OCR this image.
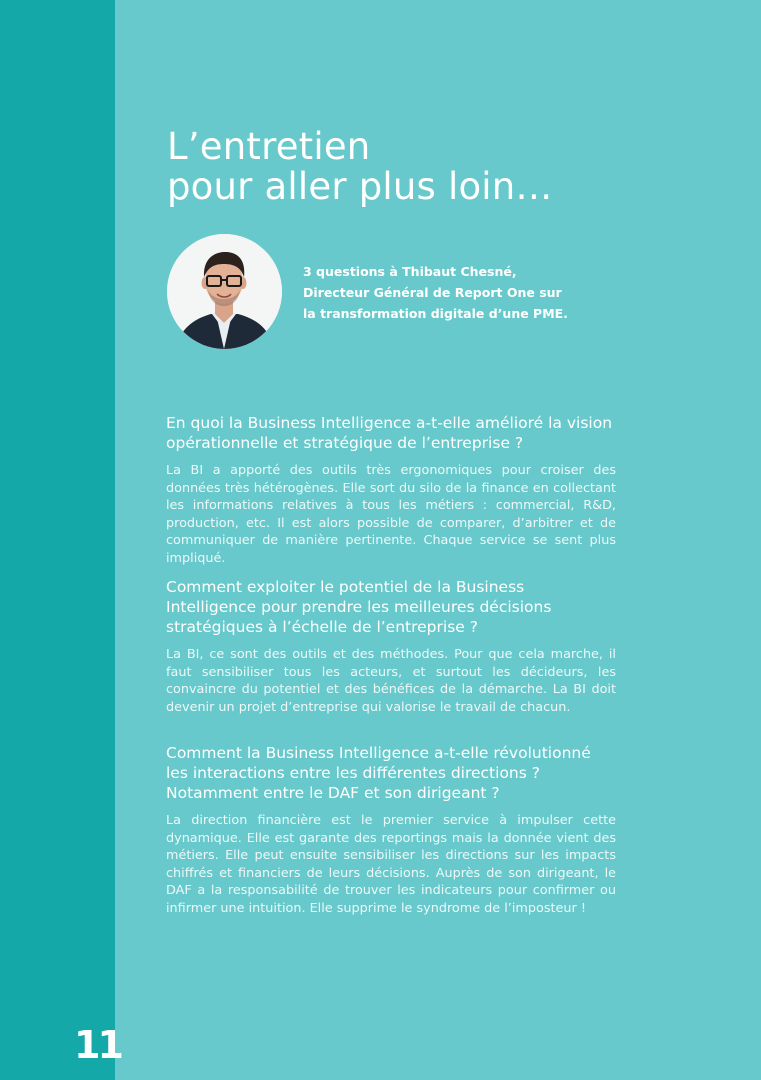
11
L’entretien
pour aller plus loin…

3 questions à Thibaut Chesné,
Directeur Général de Report One sur
la transformation digitale d’une PME.

En quoi la Business Intelligence a-t-elle amélioré la vision opérationnelle et stratégique de l’entreprise ?

La BI a apporté des outils très ergonomiques pour croiser des données très hétérogènes. Elle sort du silo de la finance en collectant les informations relatives à tous les métiers : commercial, R&D, production, etc. Il est alors possible de comparer, d’arbitrer et de communiquer de manière pertinente. Chaque service se sent plus impliqué.

Comment exploiter le potentiel de la Business Intelligence pour prendre les meilleures décisions stratégiques à l’échelle de l’entreprise ?

La BI, ce sont des outils et des méthodes. Pour que cela marche, il faut sensibiliser tous les acteurs, et surtout les décideurs, les convaincre du potentiel et des bénéfices de la démarche. La BI doit devenir un projet d’entreprise qui valorise le travail de chacun.

Comment la Business Intelligence a-t-elle révolutionné les interactions entre les différentes directions ? Notamment entre le DAF et son dirigeant ?

La direction financière est le premier service à impulser cette dynamique. Elle est garante des reportings mais la donnée vient des métiers. Elle peut ensuite sensibiliser les directions sur les impacts chiffrés et financiers de leurs décisions. Auprès de son dirigeant, le DAF a la responsabilité de trouver les indicateurs pour confirmer ou infirmer une intuition. Elle supprime le syndrome de l’imposteur !
